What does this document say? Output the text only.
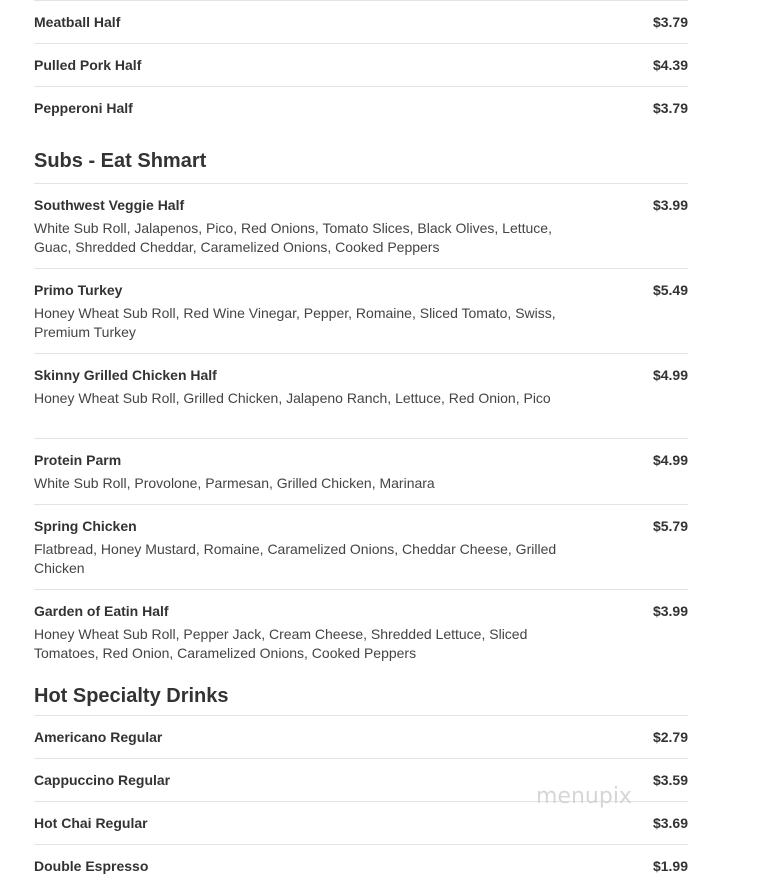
Meatball Half	$3.79
Pulled Pork Half	$4.39
Pepperoni Half	$3.79
Subs - Eat Shmart
Southwest Veggie Half	$3.99
White Sub Roll, Jalapenos, Pico, Red Onions, Tomato Slices, Black Olives, Lettuce, Guac, Shredded Cheddar, Caramelized Onions, Cooked Peppers
Primo Turkey	$5.49
Honey Wheat Sub Roll, Red Wine Vinegar, Pepper, Romaine, Sliced Tomato, Swiss, Premium Turkey
Skinny Grilled Chicken Half	$4.99
Honey Wheat Sub Roll, Grilled Chicken, Jalapeno Ranch, Lettuce, Red Onion, Pico
Protein Parm	$4.99
White Sub Roll, Provolone, Parmesan, Grilled Chicken, Marinara
Spring Chicken	$5.79
Flatbread, Honey Mustard, Romaine, Caramelized Onions, Cheddar Cheese, Grilled Chicken
Garden of Eatin Half	$3.99
Honey Wheat Sub Roll, Pepper Jack, Cream Cheese, Shredded Lettuce, Sliced Tomatoes, Red Onion, Caramelized Onions, Cooked Peppers
Hot Specialty Drinks
Americano Regular	$2.79
Cappuccino Regular	$3.59
Hot Chai Regular	$3.69
Double Espresso	$1.99
menupix
